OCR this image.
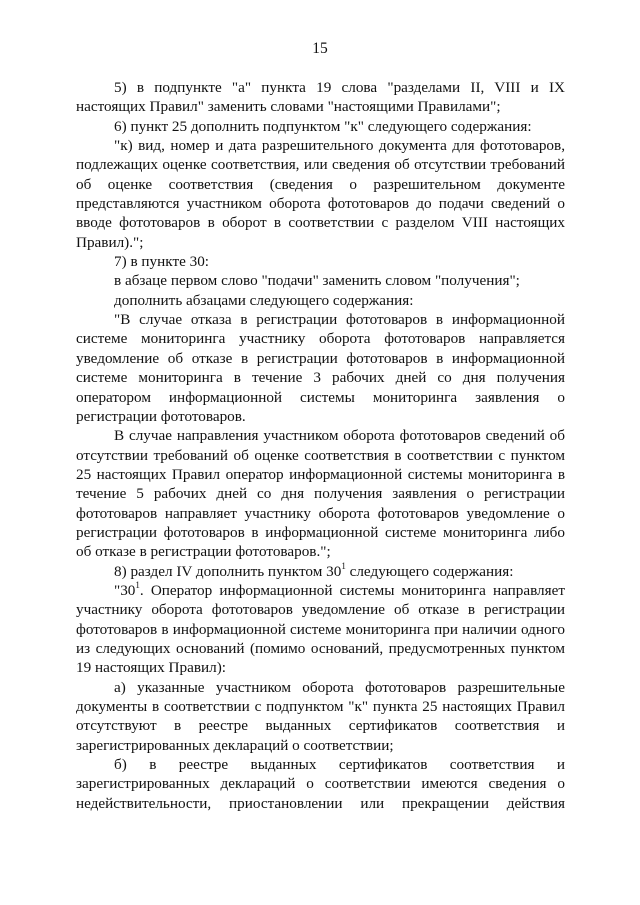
15

5) в подпункте "а" пункта 19 слова "разделами II, VIII и IX настоящих Правил" заменить словами "настоящими Правилами";

6) пункт 25 дополнить подпунктом "к" следующего содержания:

"к) вид, номер и дата разрешительного документа для фототоваров, подлежащих оценке соответствия, или сведения об отсутствии требований об оценке соответствия (сведения о разрешительном документе представляются участником оборота фототоваров до подачи сведений о вводе фототоваров в оборот в соответствии с разделом VIII настоящих Правил).";

7) в пункте 30:

в абзаце первом слово "подачи" заменить словом "получения";

дополнить абзацами следующего содержания:

"В случае отказа в регистрации фототоваров в информационной системе мониторинга участнику оборота фототоваров направляется уведомление об отказе в регистрации фототоваров в информационной системе мониторинга в течение 3 рабочих дней со дня получения оператором информационной системы мониторинга заявления о регистрации фототоваров.

В случае направления участником оборота фототоваров сведений об отсутствии требований об оценке соответствия в соответствии с пунктом 25 настоящих Правил оператор информационной системы мониторинга в течение 5 рабочих дней со дня получения заявления о регистрации фототоваров направляет участнику оборота фототоваров уведомление о регистрации фототоваров в информационной системе мониторинга либо об отказе в регистрации фототоваров.";

8) раздел IV дополнить пунктом $30^1$ следующего содержания:

"$30^1$. Оператор информационной системы мониторинга направляет участнику оборота фототоваров уведомление об отказе в регистрации фототоваров в информационной системе мониторинга при наличии одного из следующих оснований (помимо оснований, предусмотренных пунктом 19 настоящих Правил):

а) указанные участником оборота фототоваров разрешительные документы в соответствии с подпунктом "к" пункта 25 настоящих Правил отсутствуют в реестре выданных сертификатов соответствия и зарегистрированных деклараций о соответствии;

б) в реестре выданных сертификатов соответствия и зарегистрированных деклараций о соответствии имеются сведения о недействительности, приостановлении или прекращении действия
